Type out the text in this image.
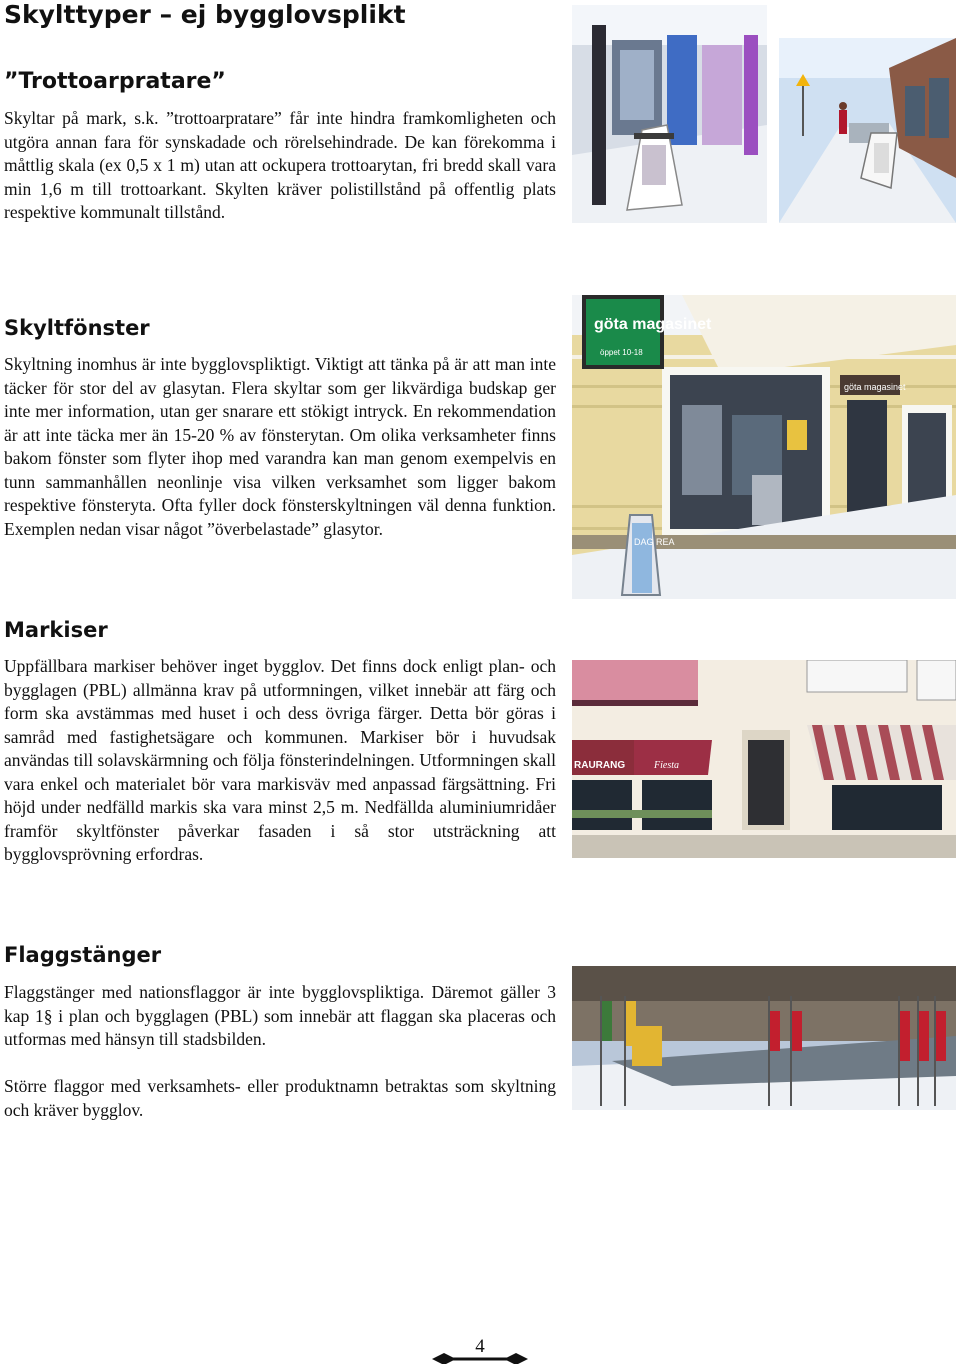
Skylttyper – ej bygglovsplikt
”Trottoarpratare”

Skyltar på mark, s.k. ”trottoarpratare” får inte hindra framkomligheten och utgöra annan fara för synskadade och rörelsehindrade. De kan förekomma i måttlig skala (ex 0,5 x 1 m) utan att ockupera trottoarytan, fri bredd skall vara min 1,6 m till trottoarkant. Skylten kräver polistillstånd på offentlig plats respektive kommunalt tillstånd.

Skyltfönster

Skyltning inomhus är inte bygglovspliktigt. Viktigt att tänka på är att man inte täcker för stor del av glasytan. Flera skyltar som ger likvärdiga budskap ger inte mer information, utan ger snarare ett stökigt intryck. En rekommendation är att inte täcka mer än 15-20 % av fönsterytan. Om olika verksamheter finns bakom fönster som flyter ihop med varandra kan man genom exempelvis en tunn sammanhållen neonlinje visa vilken verksamhet som ligger bakom respektive fönsteryta. Ofta fyller dock fönsterskyltningen väl denna funktion. Exemplen nedan visar något ”överbelastade” glasytor.

göta magasinet
öppet 10-18
göta magasinet
DAG REA
Markiser

Uppfällbara markiser behöver inget bygglov. Det finns dock enligt plan- och bygglagen (PBL) allmänna krav på utformningen, vilket innebär att färg och form ska avstämmas med huset i och dess övriga färger. Detta bör göras i samråd med fastighetsägare och kommunen. Markiser bör i huvudsak användas till solavskärmning och följa fönsterindelningen. Utformningen skall vara enkel och materialet bör vara markisväv med anpassad färgsättning. Fri höjd under nedfälld markis ska vara minst 2,5 m. Nedfällda aluminiumridåer framför skyltfönster påverkar fasaden i så stor utsträckning att bygglovsprövning erfordras.

RAURANG	Fiesta
Flaggstänger

Flaggstänger med nationsflaggor är inte bygglovspliktiga. Däremot gäller 3 kap 1§ i plan och bygglagen (PBL) som innebär att flaggan ska placeras och utformas med hänsyn till stadsbilden.

Större flaggor med verksamhets- eller produktnamn betraktas som skyltning och kräver bygglov.

4
